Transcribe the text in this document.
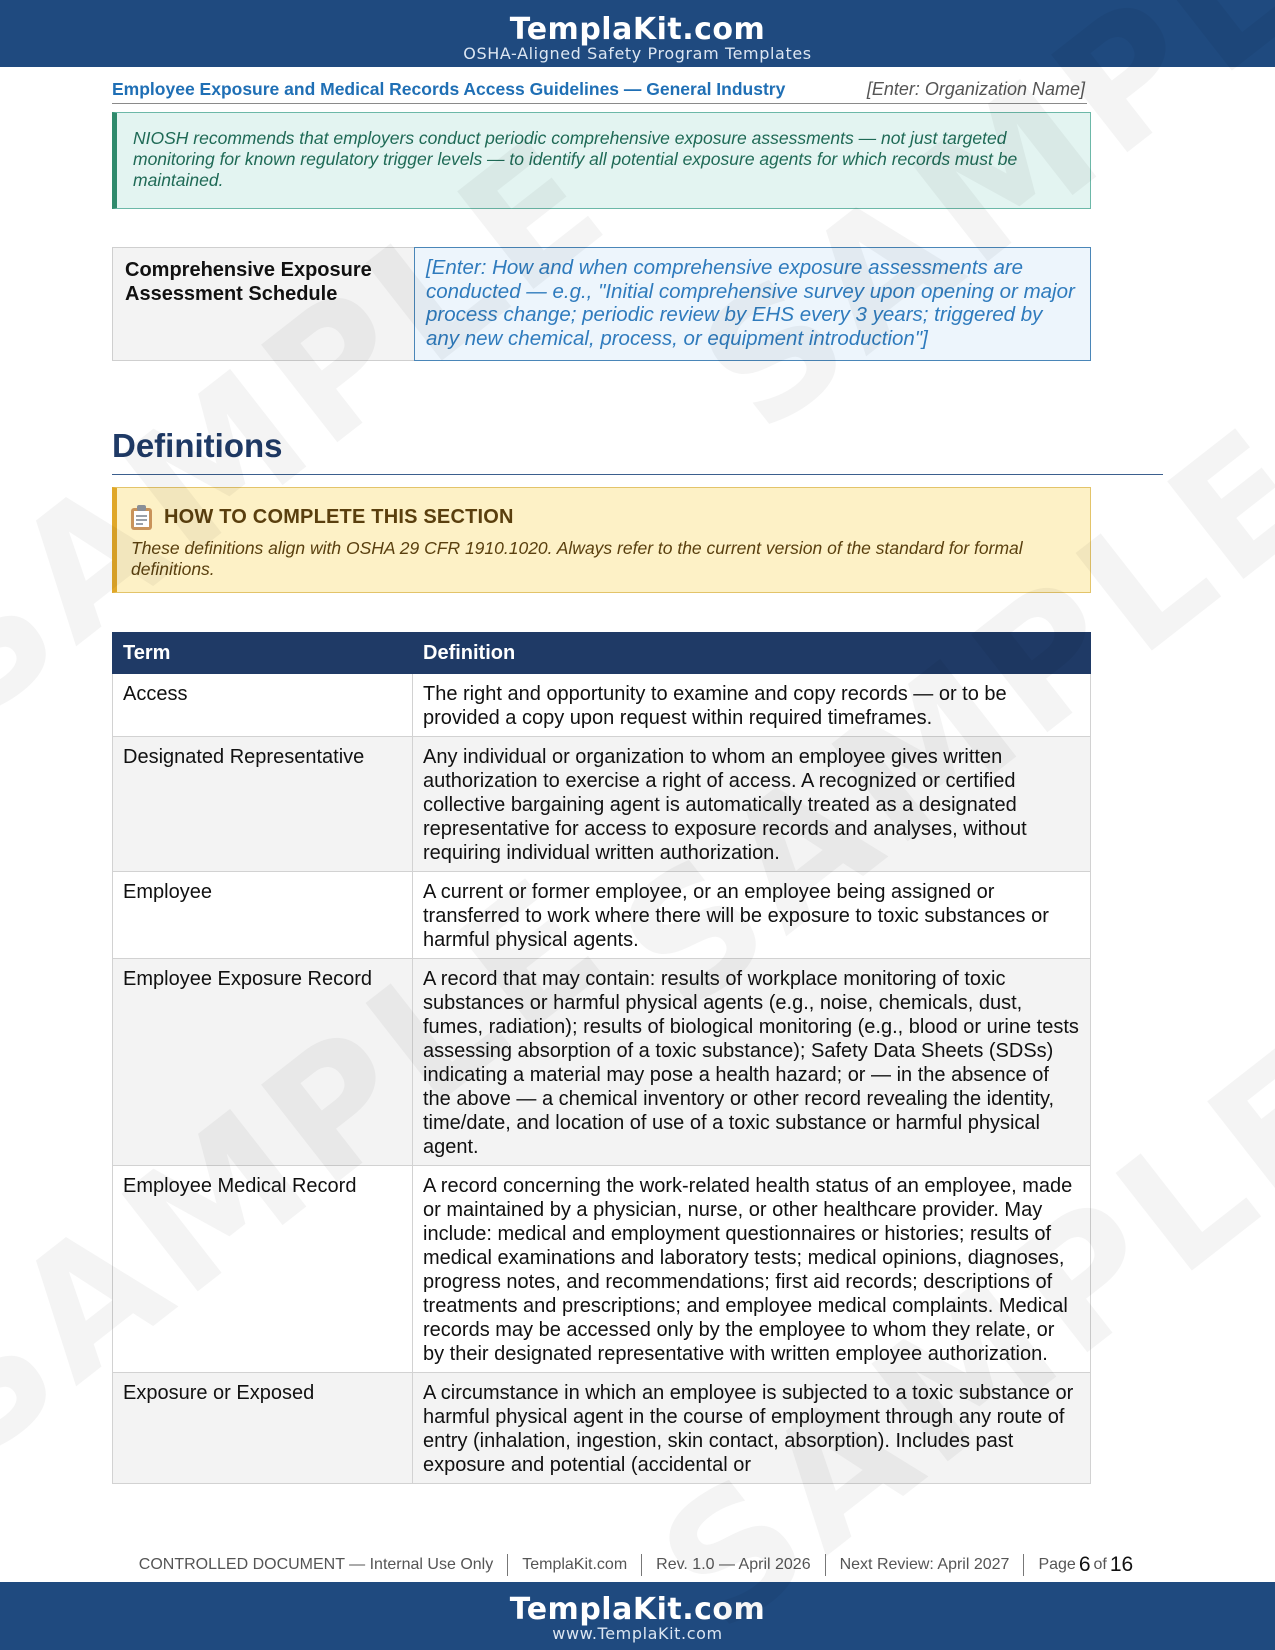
TemplaKit.com
OSHA-Aligned Safety Program Templates
Employee Exposure and Medical Records Access Guidelines — General Industry	[Enter: Organization Name]

NIOSH recommends that employers conduct periodic comprehensive exposure assessments — not just targeted monitoring for known regulatory trigger levels — to identify all potential exposure agents for which records must be maintained.

Comprehensive Exposure Assessment Schedule
[Enter: How and when comprehensive exposure assessments are conducted — e.g., "Initial comprehensive survey upon opening or major process change; periodic review by EHS every 3 years; triggered by any new chemical, process, or equipment introduction"]
Definitions
HOW TO COMPLETE THIS SECTION
These definitions align with OSHA 29 CFR 1910.1020. Always refer to the current version of the standard for formal definitions.
Term	Definition
Access	The right and opportunity to examine and copy records — or to be provided a copy upon request within required timeframes.
Designated Representative	Any individual or organization to whom an employee gives written authorization to exercise a right of access. A recognized or certified collective bargaining agent is automatically treated as a designated representative for access to exposure records and analyses, without requiring individual written authorization.
Employee	A current or former employee, or an employee being assigned or transferred to work where there will be exposure to toxic substances or harmful physical agents.
Employee Exposure Record	A record that may contain: results of workplace monitoring of toxic substances or harmful physical agents (e.g., noise, chemicals, dust, fumes, radiation); results of biological monitoring (e.g., blood or urine tests assessing absorption of a toxic substance); Safety Data Sheets (SDSs) indicating a material may pose a health hazard; or — in the absence of the above — a chemical inventory or other record revealing the identity, time/date, and location of use of a toxic substance or harmful physical agent.
Employee Medical Record	A record concerning the work-related health status of an employee, made or maintained by a physician, nurse, or other healthcare provider. May include: medical and employment questionnaires or histories; results of medical examinations and laboratory tests; medical opinions, diagnoses, progress notes, and recommendations; first aid records; descriptions of treatments and prescriptions; and employee medical complaints. Medical records may be accessed only by the employee to whom they relate, or by their designated representative with written employee authorization.
Exposure or Exposed	A circumstance in which an employee is subjected to a toxic substance or harmful physical agent in the course of employment through any route of entry (inhalation, ingestion, skin contact, absorption). Includes past exposure and potential (accidental or
CONTROLLED DOCUMENT — Internal Use Only TemplaKit.com Rev. 1.0 — April 2026 Next Review: April 2027 Page 6 of 16
TemplaKit.com
www.TemplaKit.com
